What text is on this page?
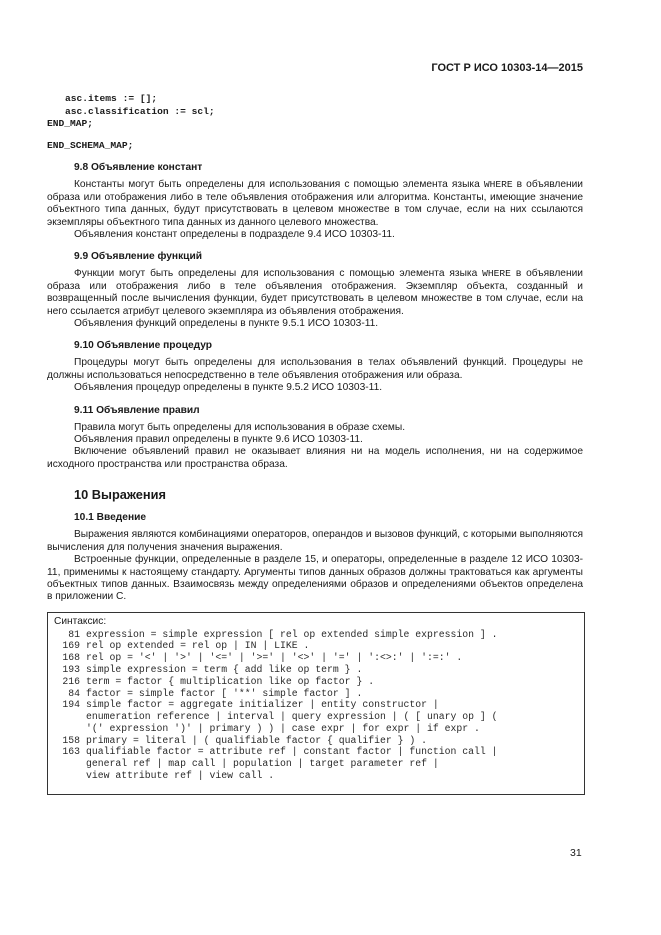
ГОСТ Р ИСО 10303-14—2015
asc.items := [];
asc.classification := scl;
END_MAP;
END_SCHEMA_MAP;
9.8 Объявление констант

Константы могут быть определены для использования с помощью элемента языка WHERE в объявлении образа или отображения либо в теле объявления отображения или алгоритма. Константы, имеющие значение объектного типа данных, будут присутствовать в целевом множестве в том случае, если на них ссылаются экземпляры объектного типа данных из данного целевого множества.

Объявления констант определены в подразделе 9.4 ИСО 10303-11.

9.9 Объявление функций

Функции могут быть определены для использования с помощью элемента языка WHERE в объявлении образа или отображения либо в теле объявления отображения. Экземпляр объекта, созданный и возвращенный после вычисления функции, будет присутствовать в целевом множестве в том случае, если на него ссылается атрибут целевого экземпляра из объявления отображения.

Объявления функций определены в пункте 9.5.1 ИСО 10303-11.

9.10 Объявление процедур

Процедуры могут быть определены для использования в телах объявлений функций. Процедуры не должны использоваться непосредственно в теле объявления отображения или образа.

Объявления процедур определены в пункте 9.5.2 ИСО 10303-11.

9.11 Объявление правил

Правила могут быть определены для использования в образе схемы.

Объявления правил определены в пункте 9.6 ИСО 10303-11.

Включение объявлений правил не оказывает влияния ни на модель исполнения, ни на содержимое исходного пространства или пространства образа.

10 Выражения
10.1 Введение

Выражения являются комбинациями операторов, операндов и вызовов функций, с которыми выполняются вычисления для получения значения выражения.

Встроенные функции, определенные в разделе 15, и операторы, определенные в разделе 12 ИСО 10303-11, применимы к настоящему стандарту. Аргументы типов данных образов должны трактоваться как аргументы объектных типов данных. Взаимосвязь между определениями образов и определениями объектов определена в приложении С.

Синтаксис:
81 expression = simple expression [ rel op extended simple expression ] .
169 rel op extended = rel op | IN | LIKE .
168 rel op = '<' | '>' | '<=' | '>=' | '<>' | '=' | ':<>:' | ':=:' .
193 simple expression = term { add like op term } .
216 term = factor { multiplication like op factor } .
84 factor = simple factor [ '**' simple factor ] .
194 simple factor = aggregate initializer | entity constructor |
enumeration reference | interval | query expression | ( [ unary op ] (
'(' expression ')' | primary ) ) | case expr | for expr | if expr .
158 primary = literal | ( qualifiable factor { qualifier } ) .
163 qualifiable factor = attribute ref | constant factor | function call |
general ref | map call | population | target parameter ref |
view attribute ref | view call .
31
